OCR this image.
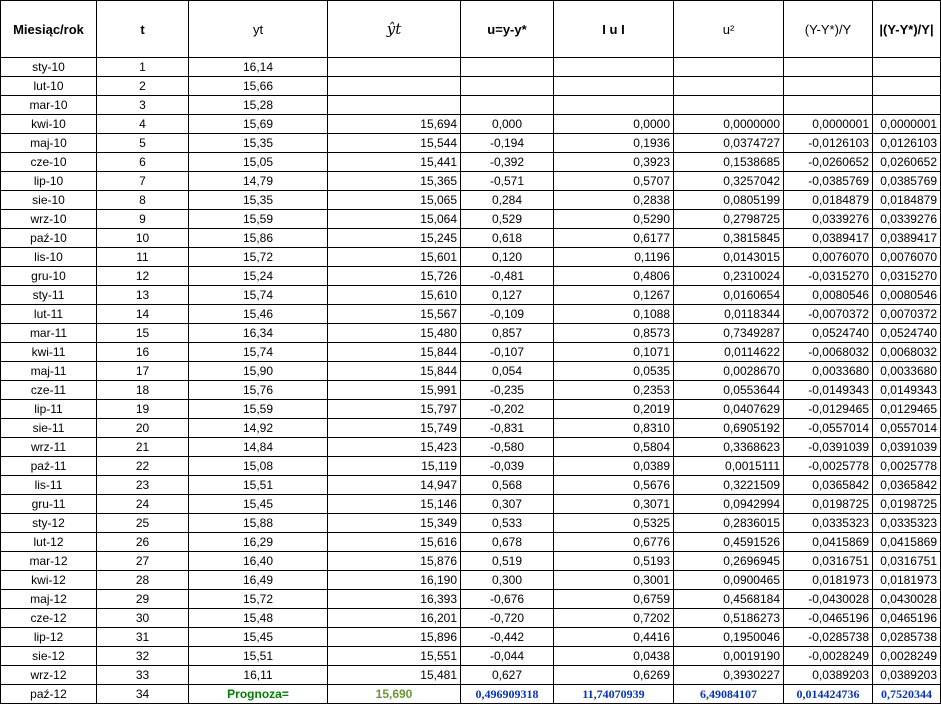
Miesiąc/rok	t	yt	ŷt	u=y-y*	I u I	u²	(Y-Y*)/Y	|(Y-Y*)/Y|
sty-10	1	16,14						
lut-10	2	15,66						
mar-10	3	15,28						
kwi-10	4	15,69	15,694	0,000	0,0000	0,0000000	0,0000001	0,0000001
maj-10	5	15,35	15,544	-0,194	0,1936	0,0374727	-0,0126103	0,0126103
cze-10	6	15,05	15,441	-0,392	0,3923	0,1538685	-0,0260652	0,0260652
lip-10	7	14,79	15,365	-0,571	0,5707	0,3257042	-0,0385769	0,0385769
sie-10	8	15,35	15,065	0,284	0,2838	0,0805199	0,0184879	0,0184879
wrz-10	9	15,59	15,064	0,529	0,5290	0,2798725	0,0339276	0,0339276
paź-10	10	15,86	15,245	0,618	0,6177	0,3815845	0,0389417	0,0389417
lis-10	11	15,72	15,601	0,120	0,1196	0,0143015	0,0076070	0,0076070
gru-10	12	15,24	15,726	-0,481	0,4806	0,2310024	-0,0315270	0,0315270
sty-11	13	15,74	15,610	0,127	0,1267	0,0160654	0,0080546	0,0080546
lut-11	14	15,46	15,567	-0,109	0,1088	0,0118344	-0,0070372	0,0070372
mar-11	15	16,34	15,480	0,857	0,8573	0,7349287	0,0524740	0,0524740
kwi-11	16	15,74	15,844	-0,107	0,1071	0,0114622	-0,0068032	0,0068032
maj-11	17	15,90	15,844	0,054	0,0535	0,0028670	0,0033680	0,0033680
cze-11	18	15,76	15,991	-0,235	0,2353	0,0553644	-0,0149343	0,0149343
lip-11	19	15,59	15,797	-0,202	0,2019	0,0407629	-0,0129465	0,0129465
sie-11	20	14,92	15,749	-0,831	0,8310	0,6905192	-0,0557014	0,0557014
wrz-11	21	14,84	15,423	-0,580	0,5804	0,3368623	-0,0391039	0,0391039
paź-11	22	15,08	15,119	-0,039	0,0389	0,0015111	-0,0025778	0,0025778
lis-11	23	15,51	14,947	0,568	0,5676	0,3221509	0,0365842	0,0365842
gru-11	24	15,45	15,146	0,307	0,3071	0,0942994	0,0198725	0,0198725
sty-12	25	15,88	15,349	0,533	0,5325	0,2836015	0,0335323	0,0335323
lut-12	26	16,29	15,616	0,678	0,6776	0,4591526	0,0415869	0,0415869
mar-12	27	16,40	15,876	0,519	0,5193	0,2696945	0,0316751	0,0316751
kwi-12	28	16,49	16,190	0,300	0,3001	0,0900465	0,0181973	0,0181973
maj-12	29	15,72	16,393	-0,676	0,6759	0,4568184	-0,0430028	0,0430028
cze-12	30	15,48	16,201	-0,720	0,7202	0,5186273	-0,0465196	0,0465196
lip-12	31	15,45	15,896	-0,442	0,4416	0,1950046	-0,0285738	0,0285738
sie-12	32	15,51	15,551	-0,044	0,0438	0,0019190	-0,0028249	0,0028249
wrz-12	33	16,11	15,481	0,627	0,6269	0,3930227	0,0389203	0,0389203
paź-12	34	Prognoza=	15,690	0,496909318	11,74070939	6,49084107	0,014424736	0,7520344
